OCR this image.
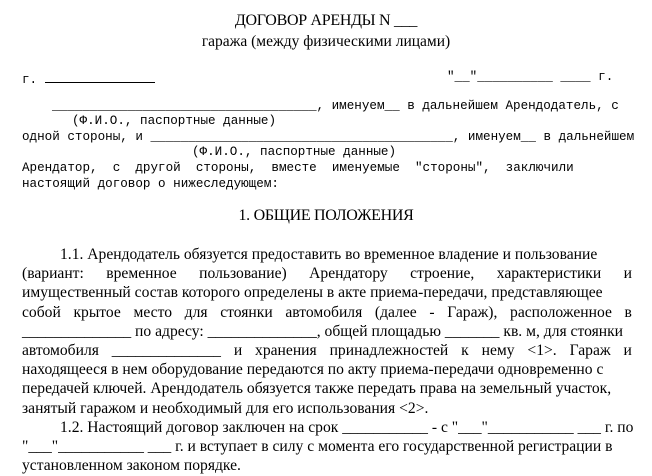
ДОГОВОР АРЕНДЫ N ___
гаража (между физическими лицами)
г.	"__"__________ ____ г.
___________________________________, именуем__ в дальнейшем Арендодатель, с
(Ф.И.О., паспортные данные)
одной стороны, и ________________________________________, именуем__ в дальнейшем
(Ф.И.О., паспортные данные)
Арендатор,  с  другой  стороны,  вместе  именуемые  "стороны",  заключили
настоящий договор о нижеследующем:
1. ОБЩИЕ ПОЛОЖЕНИЯ
1.1. Арендодатель обязуется предоставить во временное владение и пользование
(вариант: временное пользование) Арендатору строение, характеристики и
имущественный состав которого определены в акте приема-передачи, представляющее
собой крытое место для стоянки автомобиля (далее - Гараж), расположенное в
______________ по адресу: ______________, общей площадью _______ кв. м, для стоянки
автомобиля ______________ и хранения принадлежностей к нему <1>. Гараж и
находящееся в нем оборудование передаются по акту приема-передачи одновременно с
передачей ключей. Арендодатель обязуется также передать права на земельный участок,
занятый гаражом и необходимый для его использования <2>.
1.2. Настоящий договор заключен на срок ___________ - с "___"___________ ___ г. по
"___"___________ ___ г. и вступает в силу с момента его государственной регистрации в
установленном законом порядке.
